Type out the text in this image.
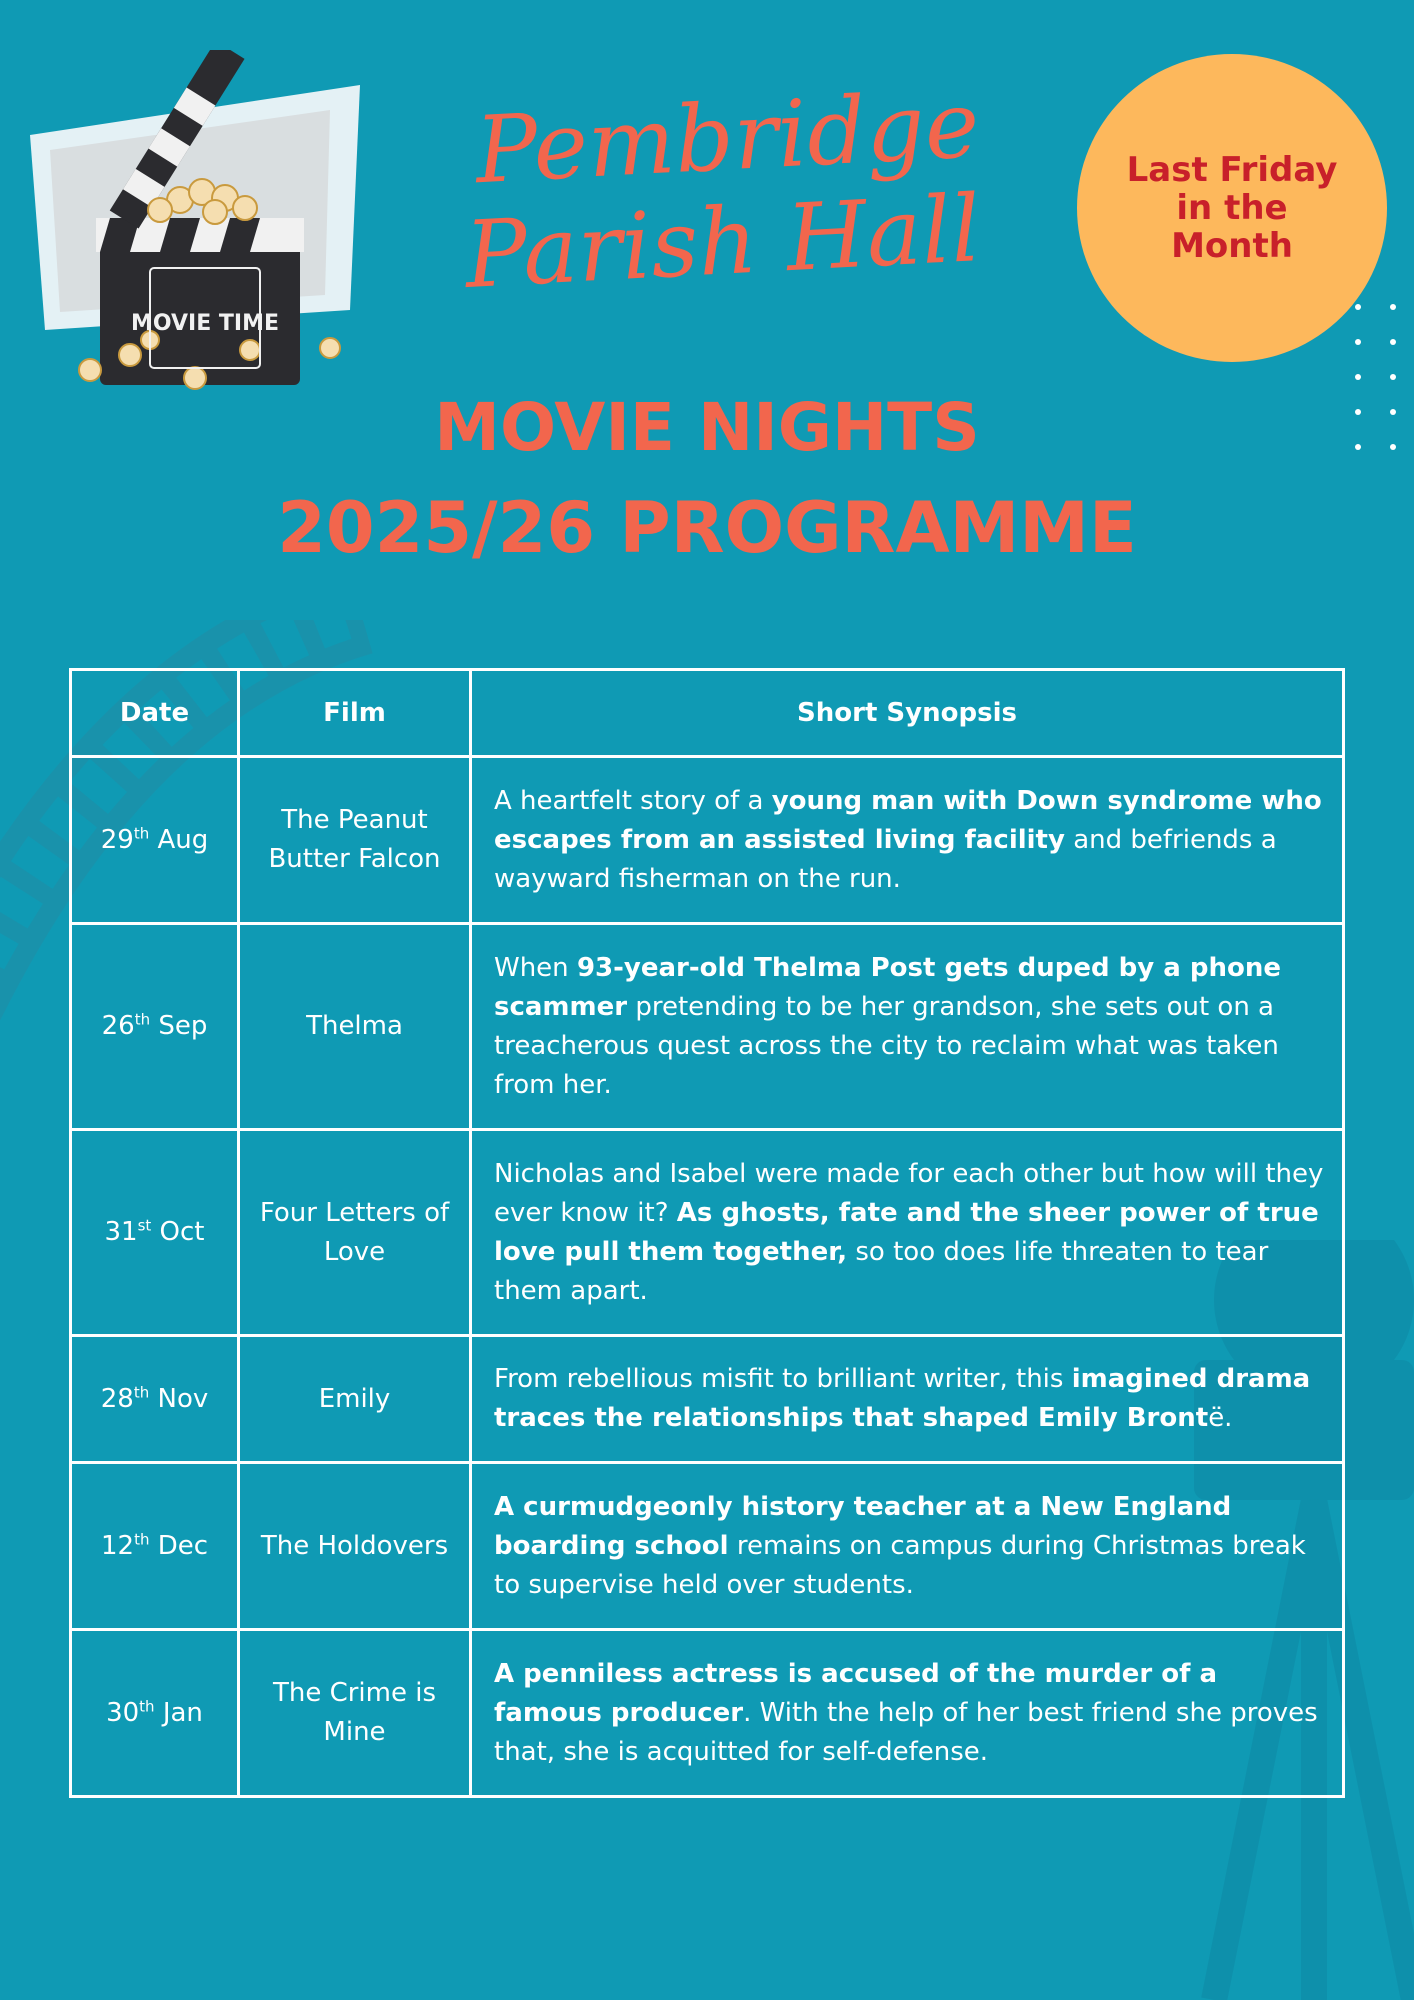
MOVIE TIME
Pembridge
Parish Hall
Last Friday in the Month
MOVIE NIGHTS
2025/26 PROGRAMME
Date	Film	Short Synopsis
29th Aug	The Peanut Butter Falcon	A heartfelt story of a young man with Down syndrome who escapes from an assisted living facility and befriends a wayward fisherman on the run.
26th Sep	Thelma	When 93-year-old Thelma Post gets duped by a phone scammer pretending to be her grandson, she sets out on a treacherous quest across the city to reclaim what was taken from her.
31st Oct	Four Letters of Love	Nicholas and Isabel were made for each other but how will they ever know it? As ghosts, fate and the sheer power of true love pull them together, so too does life threaten to tear them apart.
28th Nov	Emily	From rebellious misfit to brilliant writer, this imagined drama traces the relationships that shaped Emily Brontë.
12th Dec	The Holdovers	A curmudgeonly history teacher at a New England boarding school remains on campus during Christmas break to supervise held over students.
30th Jan	The Crime is Mine	A penniless actress is accused of the murder of a famous producer. With the help of her best friend she proves that, she is acquitted for self-defense.
